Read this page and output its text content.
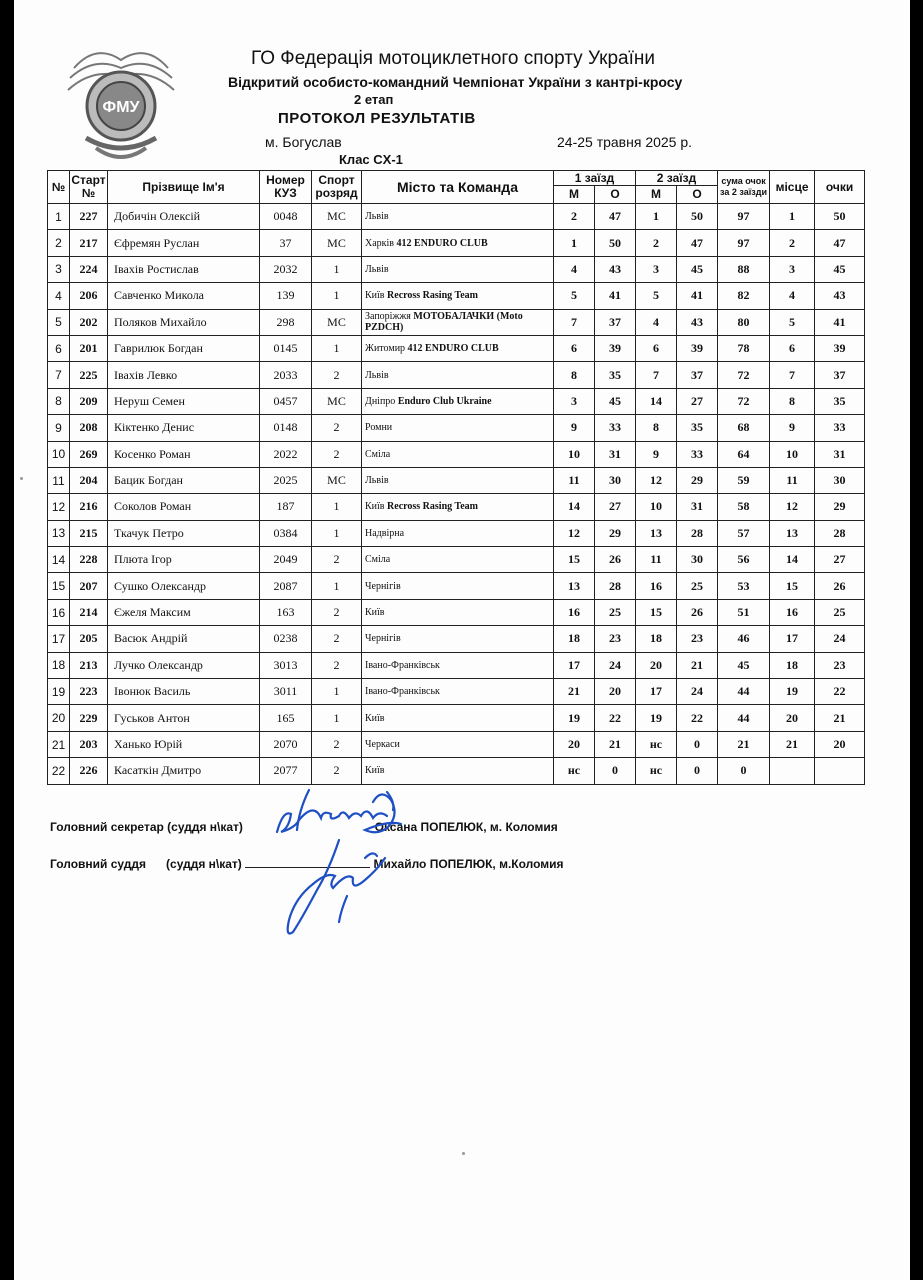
ФМУ
ГО Федерація мотоциклетного спорту України
Відкритий особисто-командний Чемпіонат України з кантрі-кросу
2 етап
ПРОТОКОЛ РЕЗУЛЬТАТІВ
м. Богуслав	24-25 травня 2025 р.
Клас CX-1
№	Старт №	Прізвище Ім'я	Номер КУЗ	Спорт розряд	Місто та Команда	1 заїзд		2 заїзд		сума очок за 2 заїзди	місце	очки
						М	О	М	О			
1	227	Добичін Олексій	0048	МС	Львів	2	47	1	50	97	1	50
2	217	Єфремян Руслан	37	МС	Харків 412 ENDURO CLUB	1	50	2	47	97	2	47
3	224	Івахів Ростислав	2032	1	Львів	4	43	3	45	88	3	45
4	206	Савченко Микола	139	1	Київ Recross Rasing Team	5	41	5	41	82	4	43
5	202	Поляков Михайло	298	МС	Запоріжжя МОТОБАЛАЧКИ (Moto PZDCH)	7	37	4	43	80	5	41
6	201	Гаврилюк Богдан	0145	1	Житомир 412 ENDURO CLUB	6	39	6	39	78	6	39
7	225	Івахів Левко	2033	2	Львів	8	35	7	37	72	7	37
8	209	Неруш Семен	0457	МС	Дніпро Enduro Club Ukraine	3	45	14	27	72	8	35
9	208	Кіктенко Денис	0148	2	Ромни	9	33	8	35	68	9	33
10	269	Косенко Роман	2022	2	Сміла	10	31	9	33	64	10	31
11	204	Бацик Богдан	2025	МС	Львів	11	30	12	29	59	11	30
12	216	Соколов Роман	187	1	Київ Recross Rasing Team	14	27	10	31	58	12	29
13	215	Ткачук Петро	0384	1	Надвірна	12	29	13	28	57	13	28
14	228	Плюта Ігор	2049	2	Сміла	15	26	11	30	56	14	27
15	207	Сушко Олександр	2087	1	Чернігів	13	28	16	25	53	15	26
16	214	Єжеля Максим	163	2	Київ	16	25	15	26	51	16	25
17	205	Васюк Андрій	0238	2	Чернігів	18	23	18	23	46	17	24
18	213	Лучко Олександр	3013	2	Івано-Франківськ	17	24	20	21	45	18	23
19	223	Івонюк Василь	3011	1	Івано-Франківськ	21	20	17	24	44	19	22
20	229	Гуськов Антон	165	1	Київ	19	22	19	22	44	20	21
21	203	Ханько Юрій	2070	2	Черкаси	20	21	нс	0	21	21	20
22	226	Касаткін Дмитро	2077	2	Київ	нс	0	нс	0	0		
Головний секретар (суддя н\кат)	Оксана ПОПЕЛЮК, м. Коломия
Головний суддя      (суддя н\кат)	Михайло ПОПЕЛЮК, м.Коломия
